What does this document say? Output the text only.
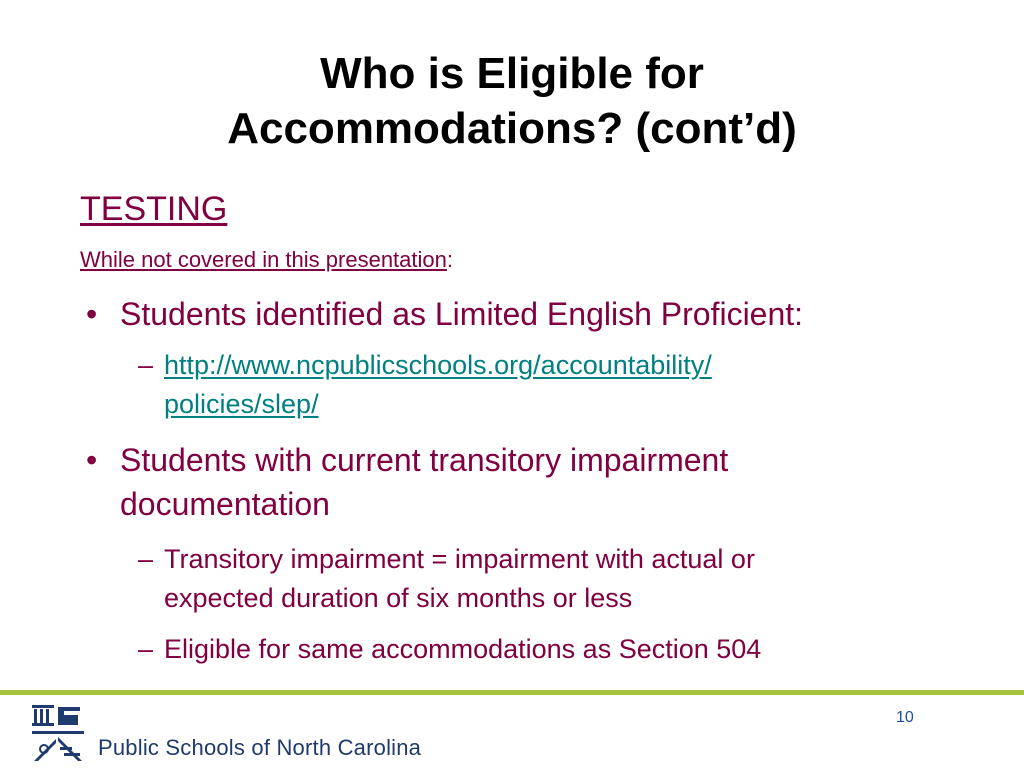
Who is Eligible for
Accommodations? (cont’d)
TESTING
While not covered in this presentation:
• Students identified as Limited English Proficient:
– http://www.ncpublicschools.org/accountability/
policies/slep/
• Students with current transitory impairment
documentation
– Transitory impairment = impairment with actual or
expected duration of six months or less
– Eligible for same accommodations as Section 504
Public Schools of North Carolina
10
